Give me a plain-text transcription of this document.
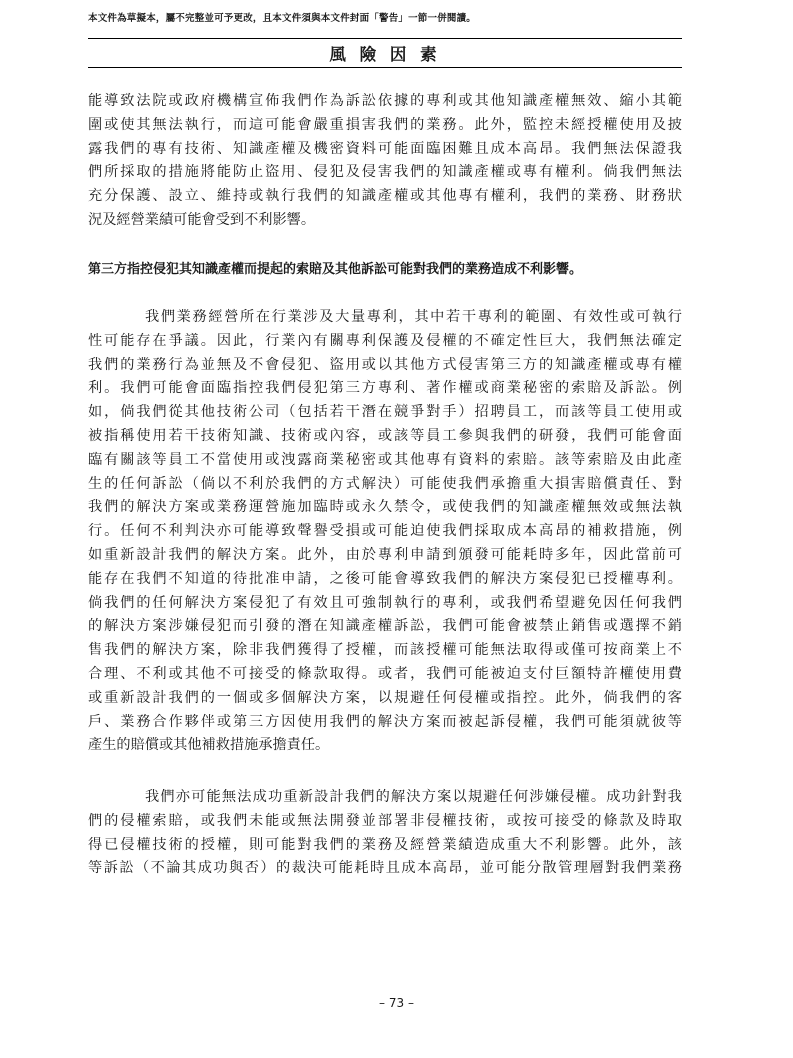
本文件為草擬本，屬不完整並可予更改，且本文件須與本文件封面「警告」一節一併閱讀。
風 險 因 素
能導致法院或政府機構宣佈我們作為訴訟依據的專利或其他知識產權無效、縮小其範
圍或使其無法執行，而這可能會嚴重損害我們的業務。此外，監控未經授權使用及披
露我們的專有技術、知識產權及機密資料可能面臨困難且成本高昂。我們無法保證我
們所採取的措施將能防止盜用、侵犯及侵害我們的知識產權或專有權利。倘我們無法
充分保護、設立、維持或執行我們的知識產權或其他專有權利，我們的業務、財務狀
況及經營業績可能會受到不利影響。
第三方指控侵犯其知識產權而提起的索賠及其他訴訟可能對我們的業務造成不利影響。
我們業務經營所在行業涉及大量專利，其中若干專利的範圍、有效性或可執行
性可能存在爭議。因此，行業內有關專利保護及侵權的不確定性巨大，我們無法確定
我們的業務行為並無及不會侵犯、盜用或以其他方式侵害第三方的知識產權或專有權
利。我們可能會面臨指控我們侵犯第三方專利、著作權或商業秘密的索賠及訴訟。例
如，倘我們從其他技術公司（包括若干潛在競爭對手）招聘員工，而該等員工使用或
被指稱使用若干技術知識、技術或內容，或該等員工參與我們的研發，我們可能會面
臨有關該等員工不當使用或洩露商業秘密或其他專有資料的索賠。該等索賠及由此產
生的任何訴訟（倘以不利於我們的方式解決）可能使我們承擔重大損害賠償責任、對
我們的解決方案或業務運營施加臨時或永久禁令，或使我們的知識產權無效或無法執
行。任何不利判決亦可能導致聲譽受損或可能迫使我們採取成本高昂的補救措施，例
如重新設計我們的解決方案。此外，由於專利申請到頒發可能耗時多年，因此當前可
能存在我們不知道的待批准申請，之後可能會導致我們的解決方案侵犯已授權專利。
倘我們的任何解決方案侵犯了有效且可強制執行的專利，或我們希望避免因任何我們
的解決方案涉嫌侵犯而引發的潛在知識產權訴訟，我們可能會被禁止銷售或選擇不銷
售我們的解決方案，除非我們獲得了授權，而該授權可能無法取得或僅可按商業上不
合理、不利或其他不可接受的條款取得。或者，我們可能被迫支付巨額特許權使用費
或重新設計我們的一個或多個解決方案，以規避任何侵權或指控。此外，倘我們的客
戶、業務合作夥伴或第三方因使用我們的解決方案而被起訴侵權，我們可能須就彼等
產生的賠償或其他補救措施承擔責任。
我們亦可能無法成功重新設計我們的解決方案以規避任何涉嫌侵權。成功針對我
們的侵權索賠，或我們未能或無法開發並部署非侵權技術，或按可接受的條款及時取
得已侵權技術的授權，則可能對我們的業務及經營業績造成重大不利影響。此外，該
等訴訟（不論其成功與否）的裁決可能耗時且成本高昂，並可能分散管理層對我們業務
– 73 –
